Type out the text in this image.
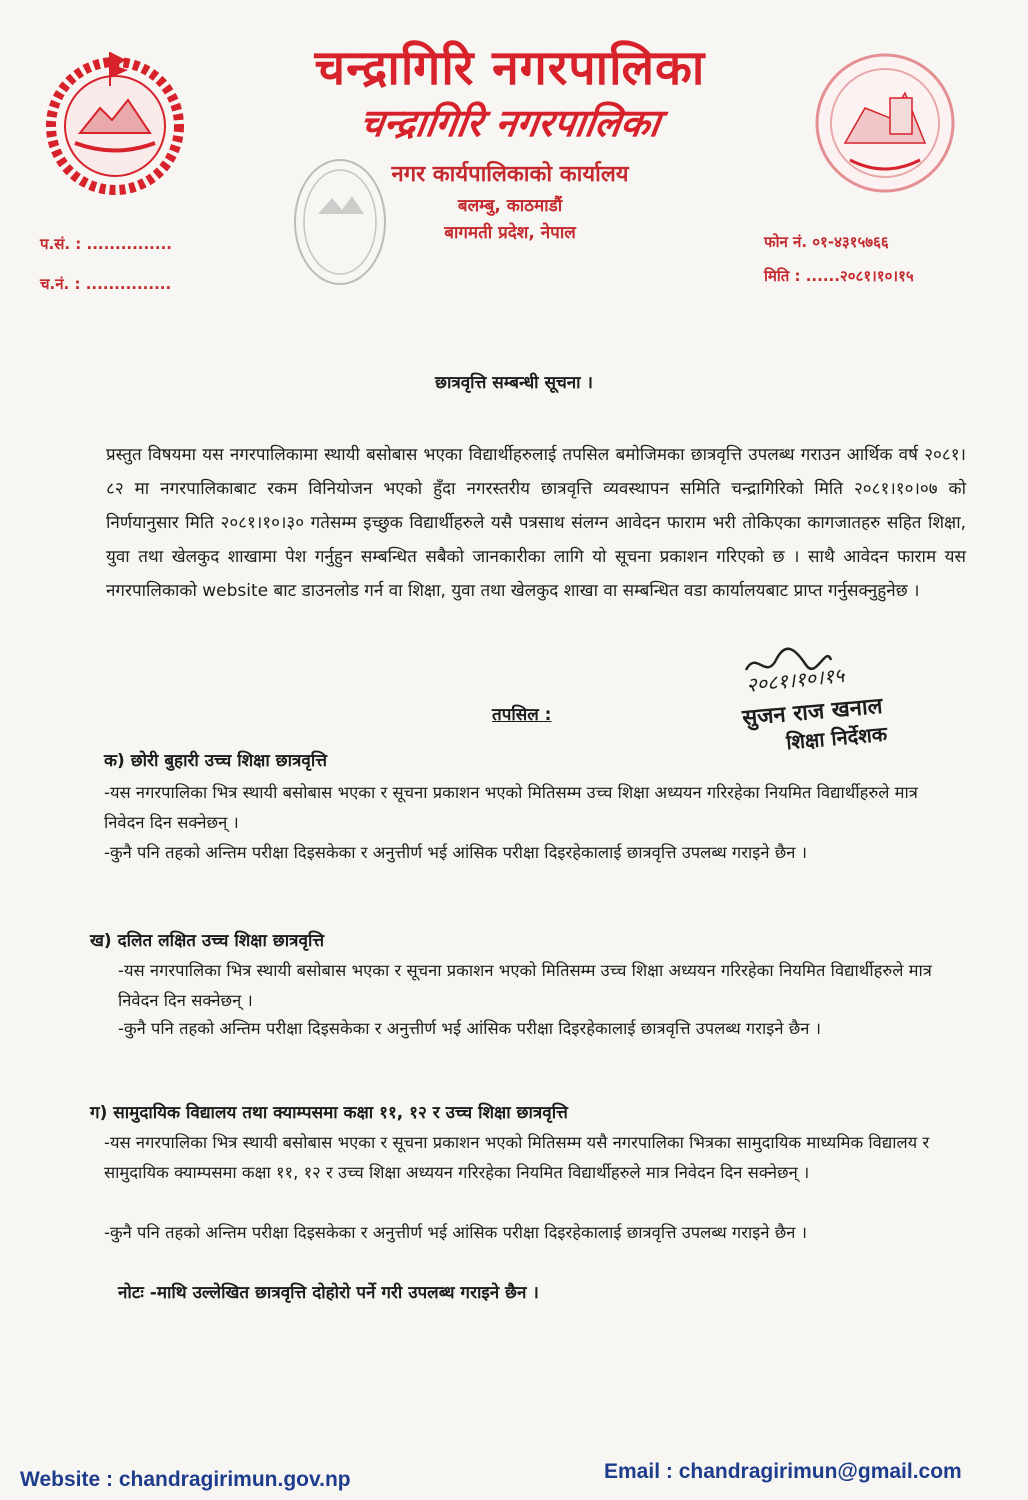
चन्द्रागिरि नगरपालिका
चन्द्रागिरि नगरपालिका
नगर कार्यपालिकाको कार्यालय
बलम्बु, काठमाडौं
बागमती प्रदेश, नेपाल
प.सं. : ...............
च.नं. : ...............
फोन नं. ०१-४३१५७६६
मिति : ......२०८१।१०।१५
छात्रवृत्ति सम्बन्धी सूचना ।
प्रस्तुत विषयमा यस नगरपालिकामा स्थायी बसोबास भएका विद्यार्थीहरुलाई तपसिल बमोजिमका छात्रवृत्ति उपलब्ध गराउन आर्थिक वर्ष २०८१।८२ मा नगरपालिकाबाट रकम विनियोजन भएको हुँदा नगरस्तरीय छात्रवृत्ति व्यवस्थापन समिति चन्द्रागिरिको मिति २०८१।१०।०७ को निर्णयानुसार मिति २०८१।१०।३० गतेसम्म इच्छुक विद्यार्थीहरुले यसै पत्रसाथ संलग्न आवेदन फाराम भरी तोकिएका कागजातहरु सहित शिक्षा, युवा तथा खेलकुद शाखामा पेश गर्नुहुन सम्बन्धित सबैको जानकारीका लागि यो सूचना प्रकाशन गरिएको छ । साथै आवेदन फाराम यस नगरपालिकाको website बाट डाउनलोड गर्न वा शिक्षा, युवा तथा खेलकुद शाखा वा सम्बन्धित वडा कार्यालयबाट प्राप्त गर्नुसक्नुहुनेछ ।
तपसिल :
क) छोरी बुहारी उच्च शिक्षा छात्रवृत्ति
-यस नगरपालिका भित्र स्थायी बसोबास भएका र सूचना प्रकाशन भएको मितिसम्म उच्च शिक्षा अध्ययन गरिरहेका नियमित विद्यार्थीहरुले मात्र निवेदन दिन सक्नेछन् ।
-कुनै पनि तहको अन्तिम परीक्षा दिइसकेका र अनुत्तीर्ण भई आंसिक परीक्षा दिइरहेकालाई छात्रवृत्ति उपलब्ध गराइने छैन ।
ख) दलित लक्षित उच्च शिक्षा छात्रवृत्ति
-यस नगरपालिका भित्र स्थायी बसोबास भएका र सूचना प्रकाशन भएको मितिसम्म उच्च शिक्षा अध्ययन गरिरहेका नियमित विद्यार्थीहरुले मात्र निवेदन दिन सक्नेछन् ।
-कुनै पनि तहको अन्तिम परीक्षा दिइसकेका र अनुत्तीर्ण भई आंसिक परीक्षा दिइरहेकालाई छात्रवृत्ति उपलब्ध गराइने छैन ।
ग) सामुदायिक विद्यालय तथा क्याम्पसमा कक्षा ११, १२ र उच्च शिक्षा छात्रवृत्ति
-यस नगरपालिका भित्र स्थायी बसोबास भएका र सूचना प्रकाशन भएको मितिसम्म यसै नगरपालिका भित्रका सामुदायिक माध्यमिक विद्यालय र सामुदायिक क्याम्पसमा कक्षा ११, १२ र उच्च शिक्षा अध्ययन गरिरहेका नियमित विद्यार्थीहरुले मात्र निवेदन दिन सक्नेछन् ।
-कुनै पनि तहको अन्तिम परीक्षा दिइसकेका र अनुत्तीर्ण भई आंसिक परीक्षा दिइरहेकालाई छात्रवृत्ति उपलब्ध गराइने छैन ।
नोटः -माथि उल्लेखित छात्रवृत्ति दोहोरो पर्ने गरी उपलब्ध गराइने छैन ।
२०८१।१०।१५
सुजन राज खनाल
शिक्षा निर्देशक
Website : chandragirimun.gov.np	Email : chandragirimun@gmail.com
